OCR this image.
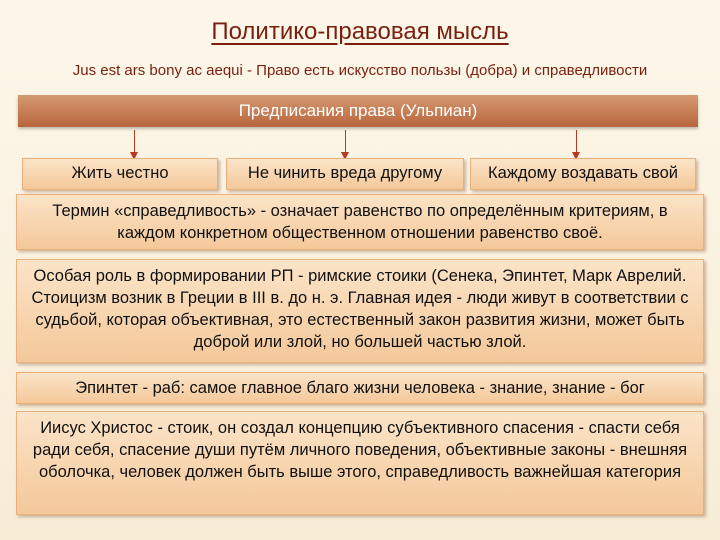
Политико-правовая мысль
Jus est ars bony ac aequi - Право есть искусство пользы (добра) и справедливости
Предписания права (Ульпиан)
Жить честно	Не чинить вреда другому	Каждому воздавать свой
Термин «справедливость» - означает равенство по определённым критериям, в каждом конкретном общественном отношении равенство своё.
Особая роль в формировании РП - римские стоики (Сенека, Эпинтет, Марк Аврелий. Стоицизм возник в Греции в III в. до н. э. Главная идея - люди живут в соответствии с судьбой, которая объективная, это естественный закон развития жизни, может быть доброй или злой, но большей частью злой.
Эпинтет - раб: самое главное благо жизни человека - знание, знание - бог
Иисус Христос - стоик, он создал концепцию субъективного спасения - спасти себя ради себя, спасение души путём личного поведения, объективные законы - внешняя оболочка, человек должен быть выше этого, справедливость важнейшая категория
